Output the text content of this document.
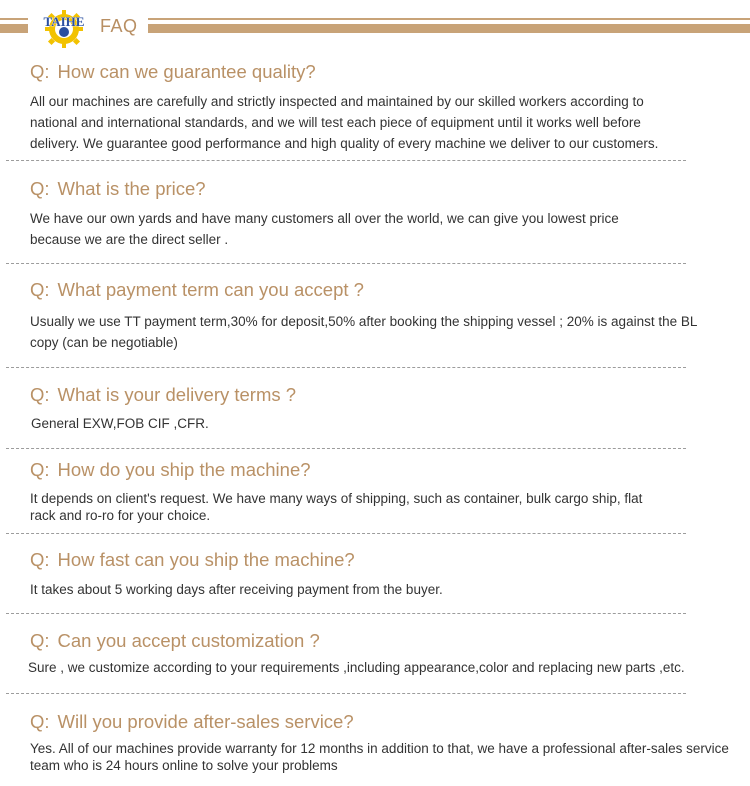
TAIHE FAQ
Q: How can we guarantee quality?
All our machines are carefully and strictly inspected and maintained by our skilled workers according to
national and international standards, and we will test each piece of equipment until it works well before
delivery. We guarantee good performance and high quality of every machine we deliver to our customers.
Q: What is the price?
We have our own yards and have many customers all over the world, we can give you lowest price
because we are the direct seller .
Q: What payment term can you accept ?
Usually we use TT payment term,30% for deposit,50% after booking the shipping vessel ; 20% is against the BL
copy (can be negotiable)
Q: What is your delivery terms ?
General EXW,FOB CIF ,CFR.
Q: How do you ship the machine?
It depends on client's request. We have many ways of shipping, such as container, bulk cargo ship, flat
rack and ro-ro for your choice.
Q: How fast can you ship the machine?
It takes about 5 working days after receiving payment from the buyer.
Q: Can you accept customization ?
Sure , we customize according to your requirements ,including appearance,color and replacing new parts ,etc.
Q: Will you provide after-sales service?
Yes. All of our machines provide warranty for 12 months in addition to that, we have a professional after-sales service
team who is 24 hours online to solve your problems
